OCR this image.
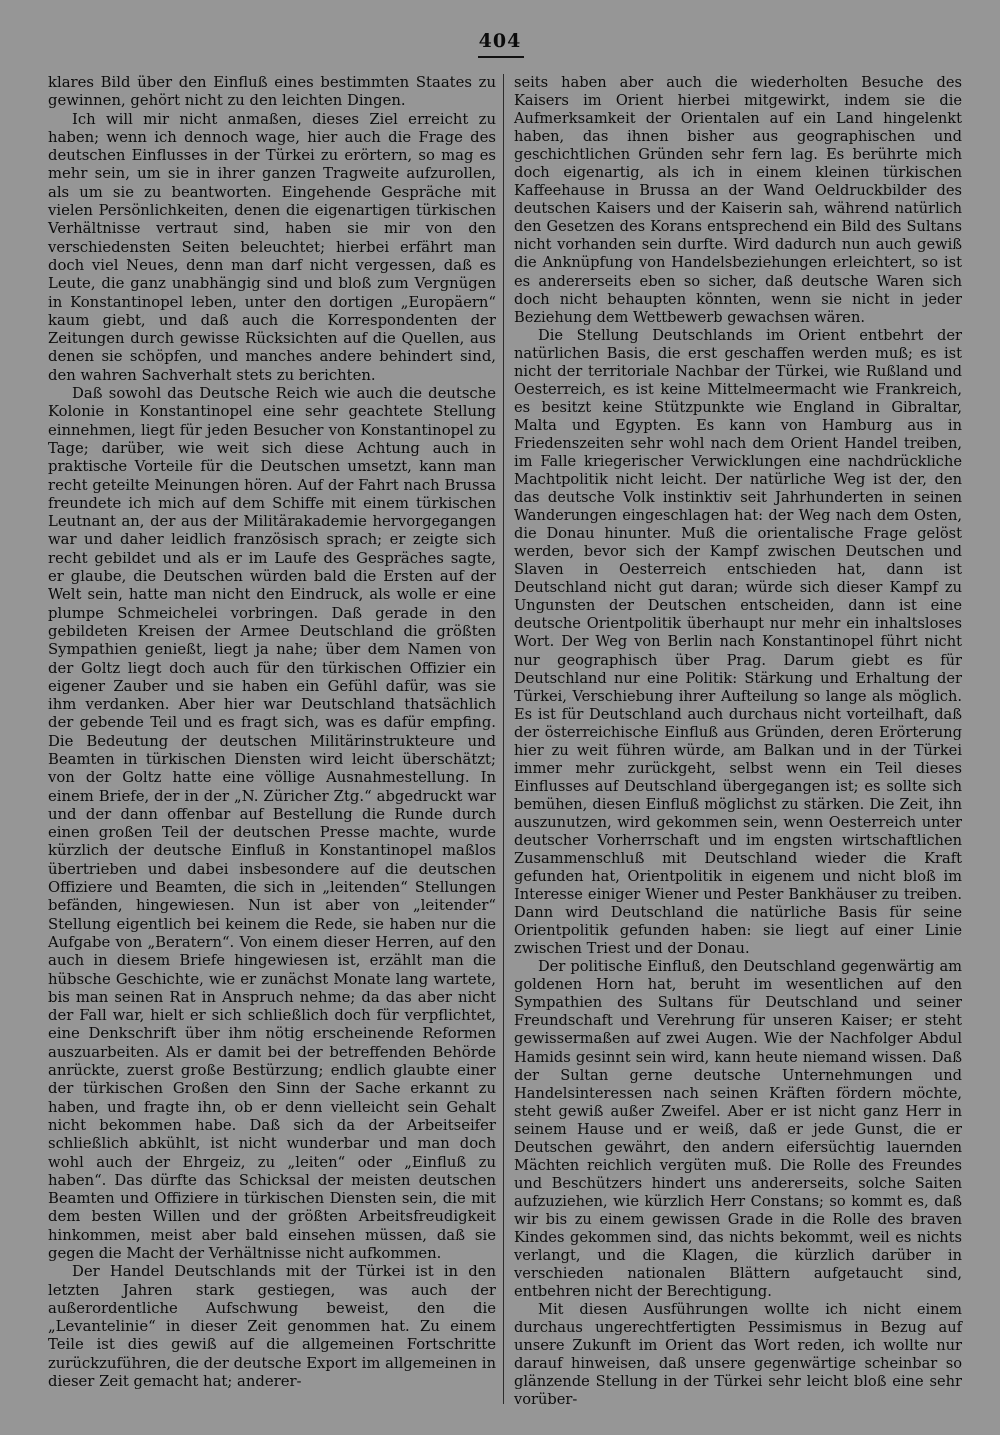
404

klares Bild über den Einfluß eines bestimmten Staates zu gewinnen, gehört nicht zu den leichten Dingen.

Ich will mir nicht anmaßen, dieses Ziel erreicht zu haben; wenn ich dennoch wage, hier auch die Frage des deutschen Einflusses in der Türkei zu erörtern, so mag es mehr sein, um sie in ihrer ganzen Tragweite aufzurollen, als um sie zu beantworten. Eingehende Gespräche mit vielen Persönlichkeiten, denen die eigenartigen türkischen Verhältnisse vertraut sind, haben sie mir von den verschiedensten Seiten beleuchtet; hierbei erfährt man doch viel Neues, denn man darf nicht vergessen, daß es Leute, die ganz unabhängig sind und bloß zum Vergnügen in Konstantinopel leben, unter den dortigen „Europäern“ kaum giebt, und daß auch die Korrespondenten der Zeitungen durch gewisse Rücksichten auf die Quellen, aus denen sie schöpfen, und manches andere behindert sind, den wahren Sachverhalt stets zu berichten.

Daß sowohl das Deutsche Reich wie auch die deutsche Kolonie in Konstantinopel eine sehr geachtete Stellung einnehmen, liegt für jeden Besucher von Konstantinopel zu Tage; darüber, wie weit sich diese Achtung auch in praktische Vorteile für die Deutschen umsetzt, kann man recht geteilte Meinungen hören. Auf der Fahrt nach Brussa freundete ich mich auf dem Schiffe mit einem türkischen Leutnant an, der aus der Militärakademie hervorgegangen war und daher leidlich französisch sprach; er zeigte sich recht gebildet und als er im Laufe des Gespräches sagte, er glaube, die Deutschen würden bald die Ersten auf der Welt sein, hatte man nicht den Eindruck, als wolle er eine plumpe Schmeichelei vorbringen. Daß gerade in den gebildeten Kreisen der Armee Deutschland die größten Sympathien genießt, liegt ja nahe; über dem Namen von der Goltz liegt doch auch für den türkischen Offizier ein eigener Zauber und sie haben ein Gefühl dafür, was sie ihm verdanken. Aber hier war Deutschland thatsächlich der gebende Teil und es fragt sich, was es dafür empfing. Die Bedeutung der deutschen Militärinstrukteure und Beamten in türkischen Diensten wird leicht überschätzt; von der Goltz hatte eine völlige Ausnahmestellung. In einem Briefe, der in der „N. Züricher Ztg.“ abgedruckt war und der dann offenbar auf Bestellung die Runde durch einen großen Teil der deutschen Presse machte, wurde kürzlich der deutsche Einfluß in Konstantinopel maßlos übertrieben und dabei insbesondere auf die deutschen Offiziere und Beamten, die sich in „leitenden“ Stellungen befänden, hingewiesen. Nun ist aber von „leitender“ Stellung eigentlich bei keinem die Rede, sie haben nur die Aufgabe von „Beratern“. Von einem dieser Herren, auf den auch in diesem Briefe hingewiesen ist, erzählt man die hübsche Geschichte, wie er zunächst Monate lang wartete, bis man seinen Rat in Anspruch nehme; da das aber nicht der Fall war, hielt er sich schließlich doch für verpflichtet, eine Denkschrift über ihm nötig erscheinende Reformen auszuarbeiten. Als er damit bei der betreffenden Behörde anrückte, zuerst große Bestürzung; endlich glaubte einer der türkischen Großen den Sinn der Sache erkannt zu haben, und fragte ihn, ob er denn vielleicht sein Gehalt nicht bekommen habe. Daß sich da der Arbeitseifer schließlich abkühlt, ist nicht wunderbar und man doch wohl auch der Ehrgeiz, zu „leiten“ oder „Einfluß zu haben“. Das dürfte das Schicksal der meisten deutschen Beamten und Offiziere in türkischen Diensten sein, die mit dem besten Willen und der größten Arbeitsfreudigkeit hinkommen, meist aber bald einsehen müssen, daß sie gegen die Macht der Verhältnisse nicht aufkommen.

Der Handel Deutschlands mit der Türkei ist in den letzten Jahren stark gestiegen, was auch der außerordentliche Aufschwung beweist, den die „Levantelinie“ in dieser Zeit genommen hat. Zu einem Teile ist dies gewiß auf die allgemeinen Fortschritte zurückzuführen, die der deutsche Export im allgemeinen in dieser Zeit gemacht hat; anderer-

seits haben aber auch die wiederholten Besuche des Kaisers im Orient hierbei mitgewirkt, indem sie die Aufmerksamkeit der Orientalen auf ein Land hingelenkt haben, das ihnen bisher aus geographischen und geschichtlichen Gründen sehr fern lag. Es berührte mich doch eigenartig, als ich in einem kleinen türkischen Kaffeehause in Brussa an der Wand Oeldruckbilder des deutschen Kaisers und der Kaiserin sah, während natürlich den Gesetzen des Korans entsprechend ein Bild des Sultans nicht vorhanden sein durfte. Wird dadurch nun auch gewiß die Anknüpfung von Handelsbeziehungen erleichtert, so ist es andererseits eben so sicher, daß deutsche Waren sich doch nicht behaupten könnten, wenn sie nicht in jeder Beziehung dem Wettbewerb gewachsen wären.

Die Stellung Deutschlands im Orient entbehrt der natürlichen Basis, die erst geschaffen werden muß; es ist nicht der territoriale Nachbar der Türkei, wie Rußland und Oesterreich, es ist keine Mittelmeermacht wie Frankreich, es besitzt keine Stützpunkte wie England in Gibraltar, Malta und Egypten. Es kann von Hamburg aus in Friedenszeiten sehr wohl nach dem Orient Handel treiben, im Falle kriegerischer Verwicklungen eine nachdrückliche Machtpolitik nicht leicht. Der natürliche Weg ist der, den das deutsche Volk instinktiv seit Jahrhunderten in seinen Wanderungen eingeschlagen hat: der Weg nach dem Osten, die Donau hinunter. Muß die orientalische Frage gelöst werden, bevor sich der Kampf zwischen Deutschen und Slaven in Oesterreich entschieden hat, dann ist Deutschland nicht gut daran; würde sich dieser Kampf zu Ungunsten der Deutschen entscheiden, dann ist eine deutsche Orientpolitik überhaupt nur mehr ein inhaltsloses Wort. Der Weg von Berlin nach Konstantinopel führt nicht nur geographisch über Prag. Darum giebt es für Deutschland nur eine Politik: Stärkung und Erhaltung der Türkei, Verschiebung ihrer Aufteilung so lange als möglich. Es ist für Deutschland auch durchaus nicht vorteilhaft, daß der österreichische Einfluß aus Gründen, deren Erörterung hier zu weit führen würde, am Balkan und in der Türkei immer mehr zurückgeht, selbst wenn ein Teil dieses Einflusses auf Deutschland übergegangen ist; es sollte sich bemühen, diesen Einfluß möglichst zu stärken. Die Zeit, ihn auszunutzen, wird gekommen sein, wenn Oesterreich unter deutscher Vorherrschaft und im engsten wirtschaftlichen Zusammenschluß mit Deutschland wieder die Kraft gefunden hat, Orientpolitik in eigenem und nicht bloß im Interesse einiger Wiener und Pester Bankhäuser zu treiben. Dann wird Deutschland die natürliche Basis für seine Orientpolitik gefunden haben: sie liegt auf einer Linie zwischen Triest und der Donau.

Der politische Einfluß, den Deutschland gegenwärtig am goldenen Horn hat, beruht im wesentlichen auf den Sympathien des Sultans für Deutschland und seiner Freundschaft und Verehrung für unseren Kaiser; er steht gewissermaßen auf zwei Augen. Wie der Nachfolger Abdul Hamids gesinnt sein wird, kann heute niemand wissen. Daß der Sultan gerne deutsche Unternehmungen und Handelsinteressen nach seinen Kräften fördern möchte, steht gewiß außer Zweifel. Aber er ist nicht ganz Herr in seinem Hause und er weiß, daß er jede Gunst, die er Deutschen gewährt, den andern eifersüchtig lauernden Mächten reichlich vergüten muß. Die Rolle des Freundes und Beschützers hindert uns andererseits, solche Saiten aufzuziehen, wie kürzlich Herr Constans; so kommt es, daß wir bis zu einem gewissen Grade in die Rolle des braven Kindes gekommen sind, das nichts bekommt, weil es nichts verlangt, und die Klagen, die kürzlich darüber in verschieden nationalen Blättern aufgetaucht sind, entbehren nicht der Berechtigung.

Mit diesen Ausführungen wollte ich nicht einem durchaus ungerechtfertigten Pessimismus in Bezug auf unsere Zukunft im Orient das Wort reden, ich wollte nur darauf hinweisen, daß unsere gegenwärtige scheinbar so glänzende Stellung in der Türkei sehr leicht bloß eine sehr vorüber-
